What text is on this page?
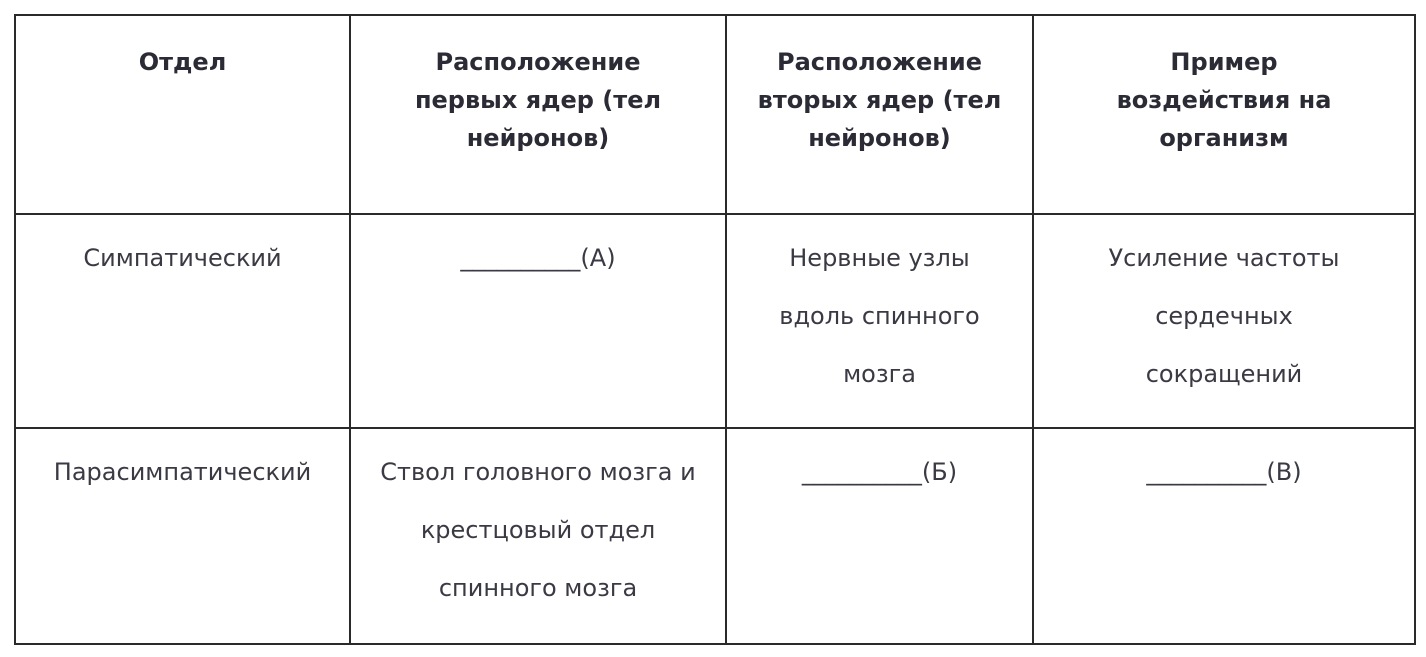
Отдел	Расположение первых ядер (тел нейронов)	Расположение вторых ядер (тел нейронов)	Пример воздействия на организм

Симпатический	__________(А)	Нервные узлы вдоль спинного мозга	Усиление частоты сердечных сокращений

Парасимпатический	Ствол головного мозга и крестцовый отдел спинного мозга	__________(Б)	__________(В)
